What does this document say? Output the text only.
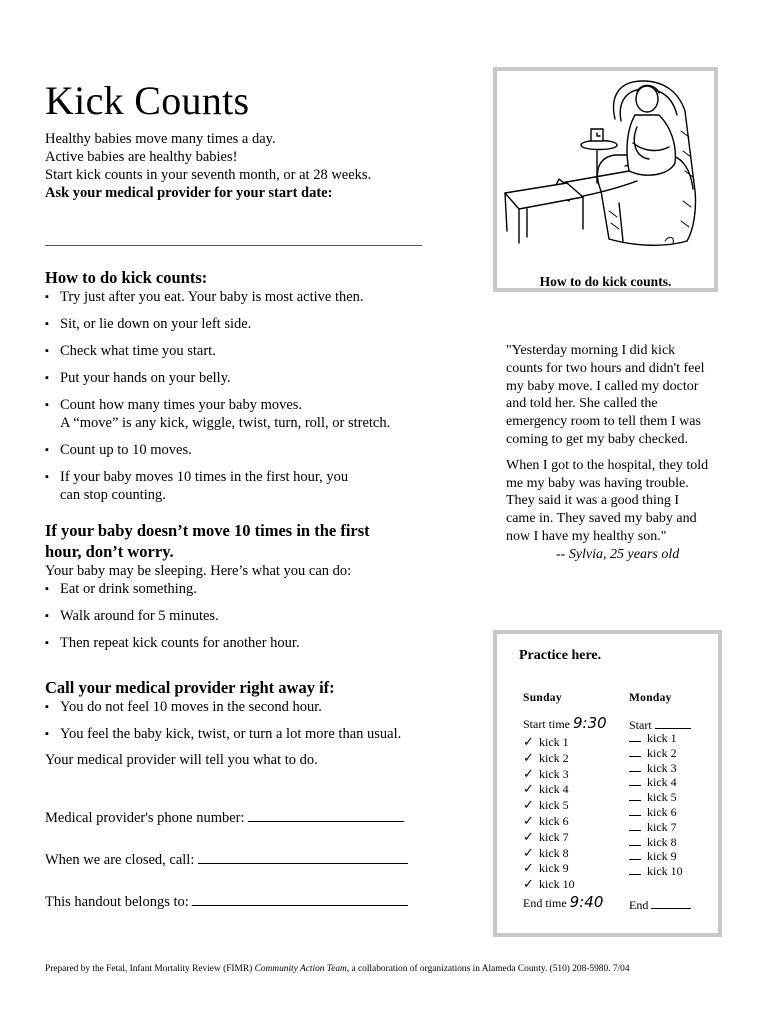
Kick Counts
Healthy babies move many times a day.
Active babies are healthy babies!
Start kick counts in your seventh month, or at 28 weeks.
Ask your medical provider for your start date:
How to do kick counts:
▪ Try just after you eat. Your baby is most active then.
▪ Sit, or lie down on your left side.
▪ Check what time you start.
▪ Put your hands on your belly.
▪ Count how many times your baby moves.
A “move” is any kick, wiggle, twist, turn, roll, or stretch.
▪ Count up to 10 moves.
▪ If your baby moves 10 times in the first hour, you
can stop counting.
If your baby doesn’t move 10 times in the first
hour, don’t worry.
Your baby may be sleeping. Here’s what you can do:
▪ Eat or drink something.
▪ Walk around for 5 minutes.
▪ Then repeat kick counts for another hour.
Call your medical provider right away if:
▪ You do not feel 10 moves in the second hour.
▪ You feel the baby kick, twist, or turn a lot more than usual.
Your medical provider will tell you what to do.
Medical provider's phone number:
When we are closed, call:
This handout belongs to:
How to do kick counts.

"Yesterday morning I did kick counts for two hours and didn't feel my baby move. I called my doctor and told her. She called the emergency room to tell them I was coming to get my baby checked.

When I got to the hospital, they told me my baby was having trouble. They said it was a good thing I came in. They saved my baby and now I have my healthy son."

-- Sylvia, 25 years old
Practice here.
Sunday
Start time 9:30
✓ kick 1
✓ kick 2
✓ kick 3
✓ kick 4
✓ kick 5
✓ kick 6
✓ kick 7
✓ kick 8
✓ kick 9
✓ kick 10
End time 9:40
Monday
Start
kick 1
kick 2
kick 3
kick 4
kick 5
kick 6
kick 7
kick 8
kick 9
kick 10
End
Prepared by the Fetal, Infant Mortality Review (FIMR) Community Action Team, a collaboration of organizations in Alameda County. (510) 208-5980. 7/04
